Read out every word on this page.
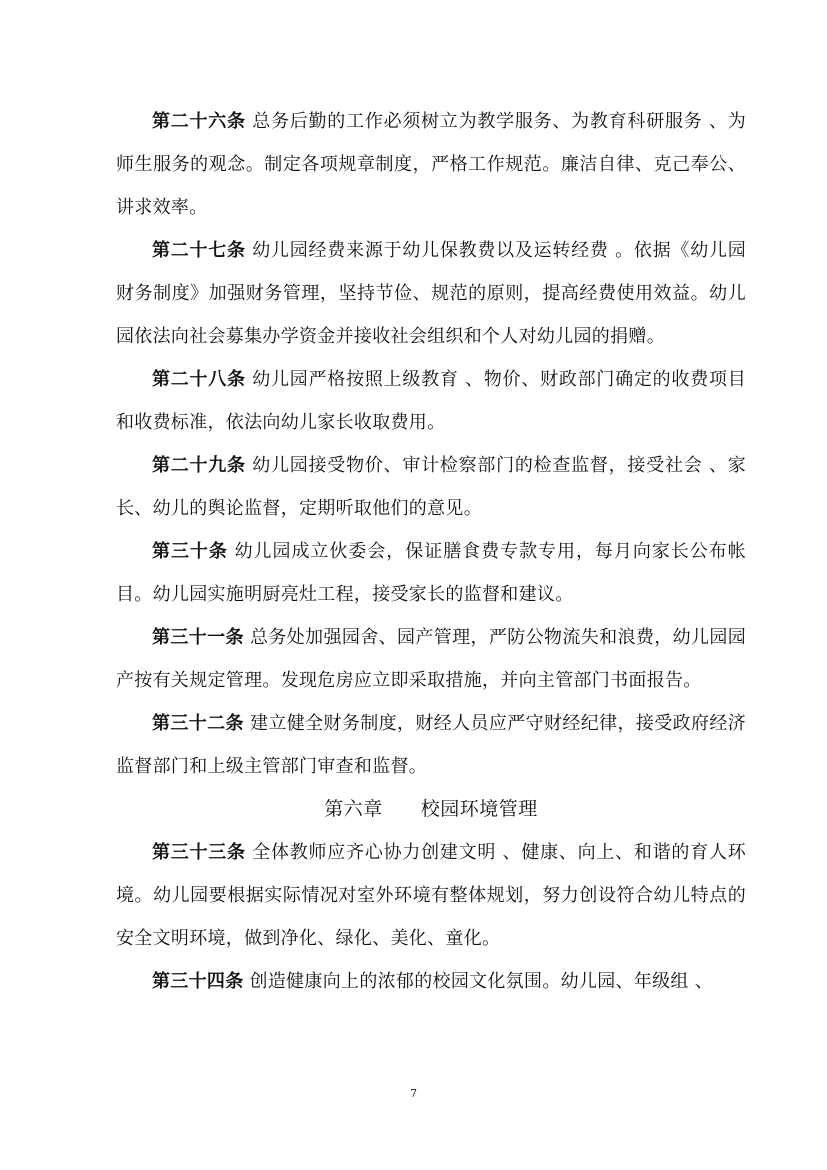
第二十六条 总务后勤的工作必须树立为教学服务、为教育科研服务 、为师生服务的观念。制定各项规章制度，严格工作规范。廉洁自律、克己奉公、讲求效率。

第二十七条 幼儿园经费来源于幼儿保教费以及运转经费 。依据《幼儿园财务制度》加强财务管理，坚持节俭、规范的原则，提高经费使用效益。幼儿园依法向社会募集办学资金并接收社会组织和个人对幼儿园的捐赠。

第二十八条 幼儿园严格按照上级教育 、物价、财政部门确定的收费项目和收费标准，依法向幼儿家长收取费用。

第二十九条 幼儿园接受物价、审计检察部门的检查监督，接受社会 、家长、幼儿的舆论监督，定期听取他们的意见。

第三十条 幼儿园成立伙委会，保证膳食费专款专用，每月向家长公布帐目。幼儿园实施明厨亮灶工程，接受家长的监督和建议。

第三十一条 总务处加强园舍、园产管理，严防公物流失和浪费，幼儿园园产按有关规定管理。发现危房应立即采取措施，并向主管部门书面报告。

第三十二条 建立健全财务制度，财经人员应严守财经纪律，接受政府经济监督部门和上级主管部门审查和监督。

第六章 校园环境管理

第三十三条 全体教师应齐心协力创建文明 、健康、向上、和谐的育人环境。幼儿园要根据实际情况对室外环境有整体规划，努力创设符合幼儿特点的安全文明环境，做到净化、绿化、美化、童化。

第三十四条 创造健康向上的浓郁的校园文化氛围。幼儿园、年级组 、

7
